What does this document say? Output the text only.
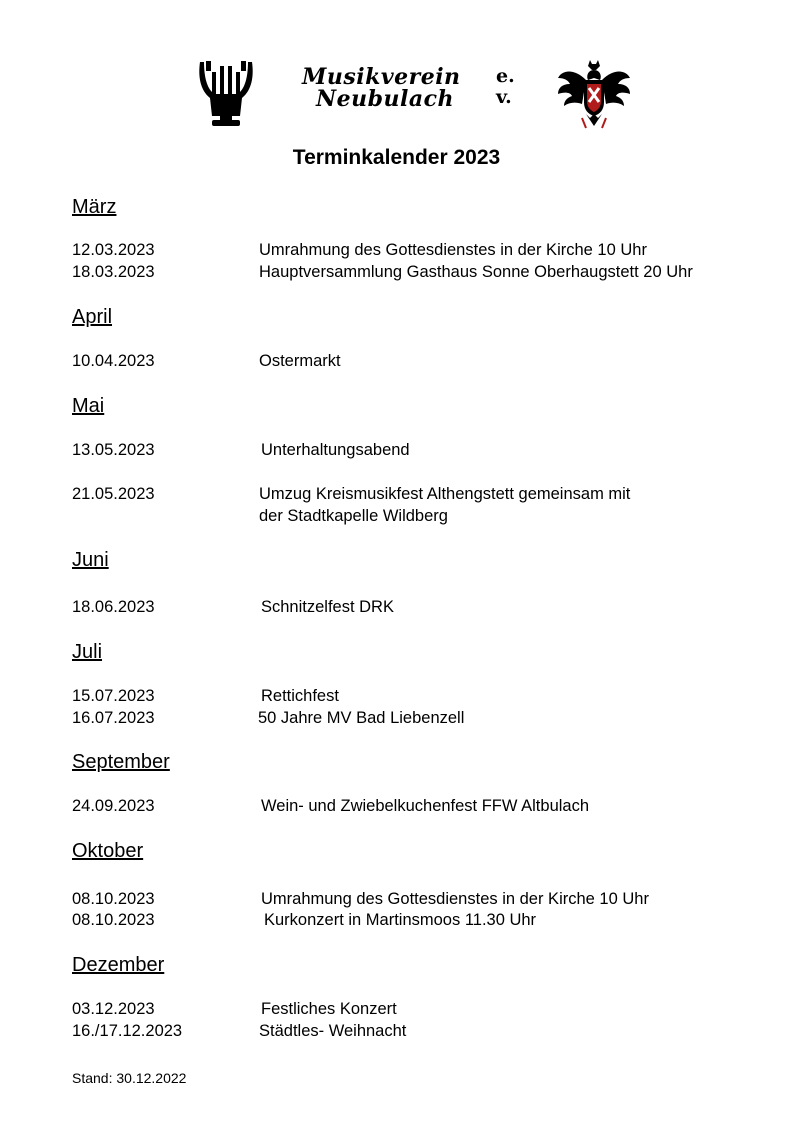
Musikverein
Neubulach
e.
v.
Terminkalender 2023
März
12.03.2023	Umrahmung des Gottesdienstes in der Kirche 10 Uhr
18.03.2023	Hauptversammlung Gasthaus Sonne Oberhaugstett 20 Uhr
April
10.04.2023	Ostermarkt
Mai
13.05.2023	Unterhaltungsabend
21.05.2023	Umzug Kreismusikfest Althengstett gemeinsam mit
der Stadtkapelle Wildberg
Juni
18.06.2023	Schnitzelfest DRK
Juli
15.07.2023	Rettichfest
16.07.2023	50 Jahre MV Bad Liebenzell
September
24.09.2023	Wein- und Zwiebelkuchenfest FFW Altbulach
Oktober
08.10.2023	Umrahmung des Gottesdienstes in der Kirche 10 Uhr
08.10.2023	Kurkonzert in Martinsmoos 11.30 Uhr
Dezember
03.12.2023	Festliches Konzert
16./17.12.2023	Städtles- Weihnacht
Stand: 30.12.2022
